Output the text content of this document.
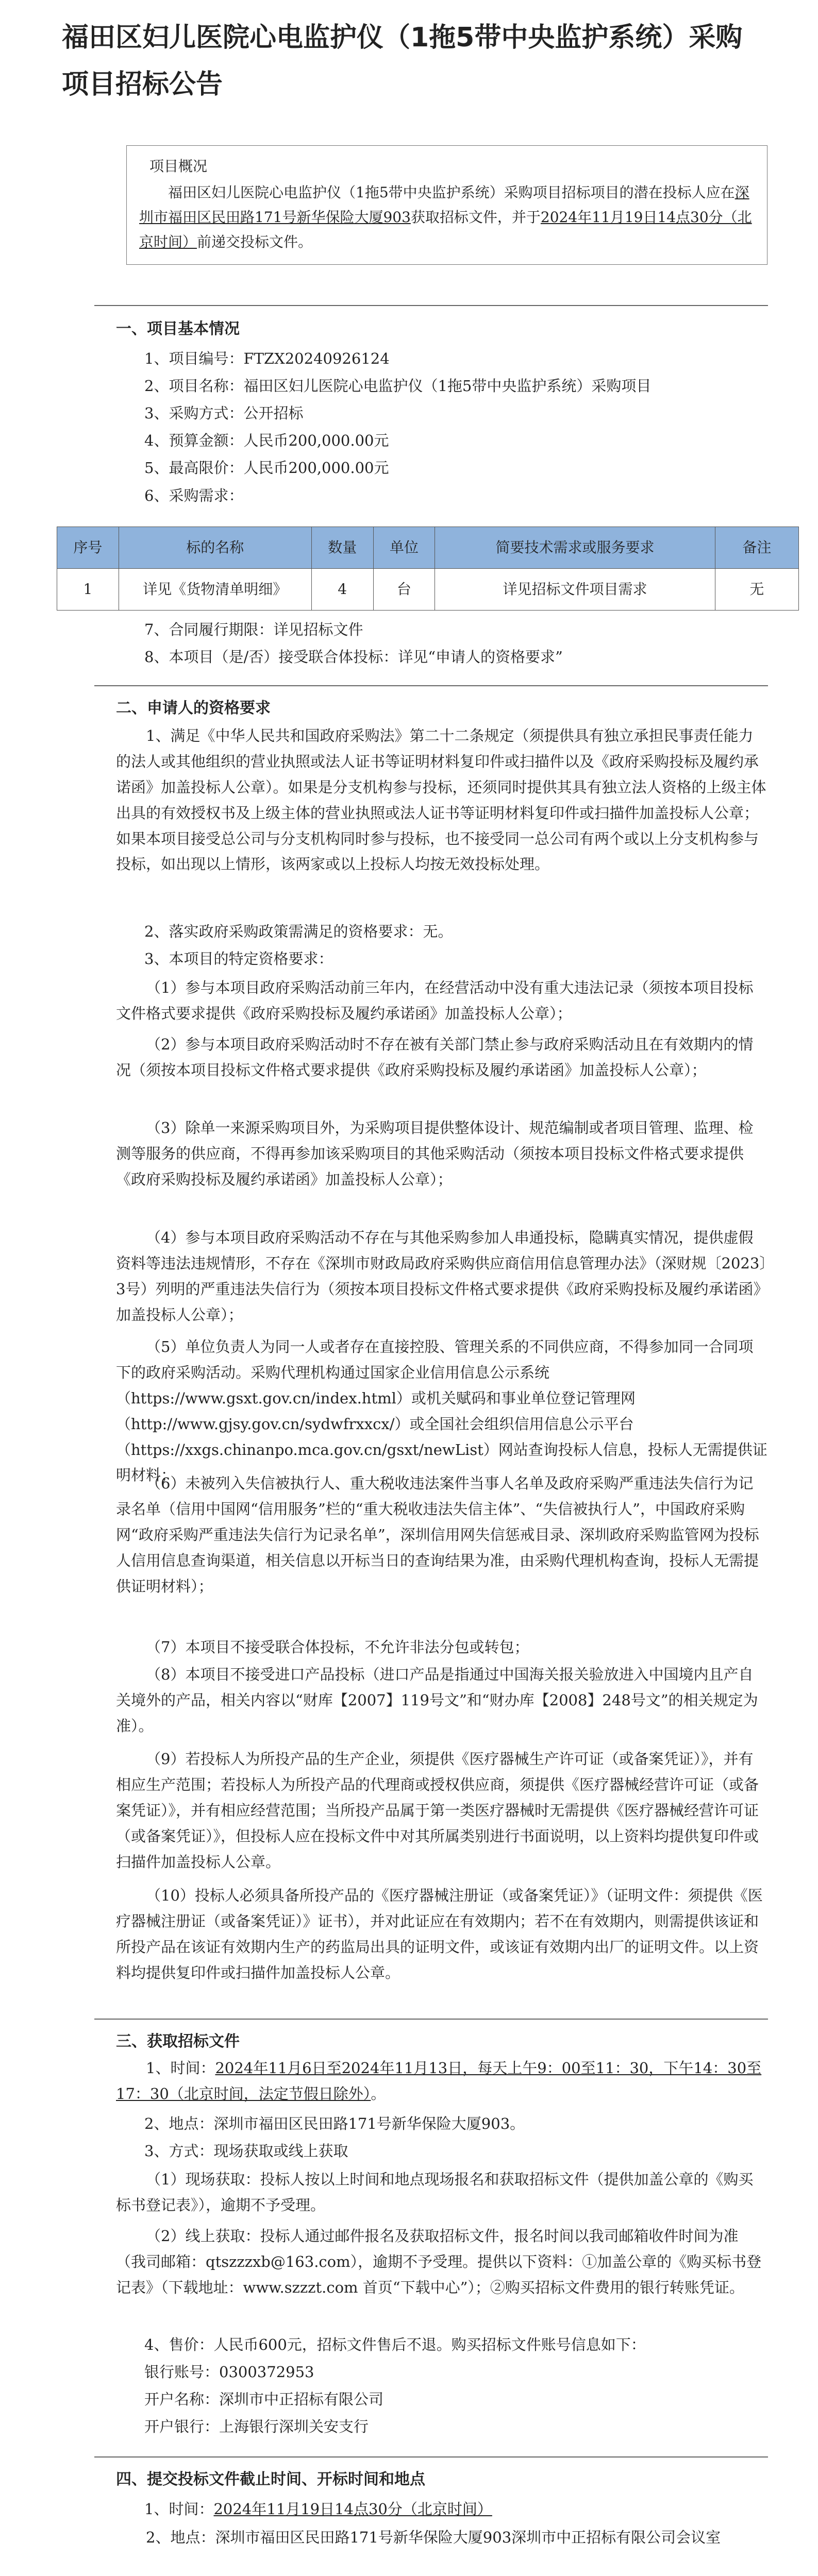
福田区妇儿医院心电监护仪（1拖5带中央监护系统）采购项目招标公告
项目概况
福田区妇儿医院心电监护仪（1拖5带中央监护系统）采购项目招标项目的潜在投标人应在深圳市福田区民田路171号新华保险大厦903获取招标文件，并于2024年11月19日14点30分（北京时间）前递交投标文件。
一、项目基本情况
1、项目编号：FTZX20240926124
2、项目名称：福田区妇儿医院心电监护仪（1拖5带中央监护系统）采购项目
3、采购方式：公开招标
4、预算金额：人民币200,000.00元
5、最高限价：人民币200,000.00元
6、采购需求：
序号	标的名称	数量	单位	简要技术需求或服务要求	备注
1	详见《货物清单明细》	4	台	详见招标文件项目需求	无
7、合同履行期限：详见招标文件
8、本项目（是/否）接受联合体投标：详见“申请人的资格要求”
二、申请人的资格要求
1、满足《中华人民共和国政府采购法》第二十二条规定（须提供具有独立承担民事责任能力的法人或其他组织的营业执照或法人证书等证明材料复印件或扫描件以及《政府采购投标及履约承诺函》加盖投标人公章）。如果是分支机构参与投标，还须同时提供其具有独立法人资格的上级主体出具的有效授权书及上级主体的营业执照或法人证书等证明材料复印件或扫描件加盖投标人公章；如果本项目接受总公司与分支机构同时参与投标，也不接受同一总公司有两个或以上分支机构参与投标，如出现以上情形，该两家或以上投标人均按无效投标处理。
2、落实政府采购政策需满足的资格要求：无。
3、本项目的特定资格要求：
（1）参与本项目政府采购活动前三年内，在经营活动中没有重大违法记录（须按本项目投标文件格式要求提供《政府采购投标及履约承诺函》加盖投标人公章）；
（2）参与本项目政府采购活动时不存在被有关部门禁止参与政府采购活动且在有效期内的情况（须按本项目投标文件格式要求提供《政府采购投标及履约承诺函》加盖投标人公章）；
（3）除单一来源采购项目外，为采购项目提供整体设计、规范编制或者项目管理、监理、检测等服务的供应商，不得再参加该采购项目的其他采购活动（须按本项目投标文件格式要求提供《政府采购投标及履约承诺函》加盖投标人公章）；
（4）参与本项目政府采购活动不存在与其他采购参加人串通投标，隐瞒真实情况，提供虚假资料等违法违规情形，不存在《深圳市财政局政府采购供应商信用信息管理办法》（深财规〔2023〕3号）列明的严重违法失信行为（须按本项目投标文件格式要求提供《政府采购投标及履约承诺函》加盖投标人公章）；
（5）单位负责人为同一人或者存在直接控股、管理关系的不同供应商，不得参加同一合同项下的政府采购活动。采购代理机构通过国家企业信用信息公示系统（https://www.gsxt.gov.cn/index.html）或机关赋码和事业单位登记管理网（http://www.gjsy.gov.cn/sydwfrxxcx/）或全国社会组织信用信息公示平台（https://xxgs.chinanpo.mca.gov.cn/gsxt/newList）网站查询投标人信息，投标人无需提供证明材料；
（6）未被列入失信被执行人、重大税收违法案件当事人名单及政府采购严重违法失信行为记录名单（信用中国网“信用服务”栏的“重大税收违法失信主体”、“失信被执行人”，中国政府采购网“政府采购严重违法失信行为记录名单”，深圳信用网失信惩戒目录、深圳政府采购监管网为投标人信用信息查询渠道，相关信息以开标当日的查询结果为准，由采购代理机构查询，投标人无需提供证明材料）；
（7）本项目不接受联合体投标，不允许非法分包或转包；
（8）本项目不接受进口产品投标（进口产品是指通过中国海关报关验放进入中国境内且产自关境外的产品，相关内容以“财库【2007】119号文”和“财办库【2008】248号文”的相关规定为准）。
（9）若投标人为所投产品的生产企业，须提供《医疗器械生产许可证（或备案凭证）》，并有相应生产范围；若投标人为所投产品的代理商或授权供应商，须提供《医疗器械经营许可证（或备案凭证）》，并有相应经营范围；当所投产品属于第一类医疗器械时无需提供《医疗器械经营许可证（或备案凭证）》，但投标人应在投标文件中对其所属类别进行书面说明，以上资料均提供复印件或扫描件加盖投标人公章。
（10）投标人必须具备所投产品的《医疗器械注册证（或备案凭证）》（证明文件：须提供《医疗器械注册证（或备案凭证）》证书），并对此证应在有效期内；若不在有效期内，则需提供该证和所投产品在该证有效期内生产的药监局出具的证明文件，或该证有效期内出厂的证明文件。以上资料均提供复印件或扫描件加盖投标人公章。
三、获取招标文件
1、时间：2024年11月6日至2024年11月13日，每天上午9：00至11：30，下午14：30至17：30（北京时间，法定节假日除外）。
2、地点：深圳市福田区民田路171号新华保险大厦903。
3、方式：现场获取或线上获取
（1）现场获取：投标人按以上时间和地点现场报名和获取招标文件（提供加盖公章的《购买标书登记表》），逾期不予受理。
（2）线上获取：投标人通过邮件报名及获取招标文件，报名时间以我司邮箱收件时间为准（我司邮箱：qtszzzxb@163.com），逾期不予受理。提供以下资料：①加盖公章的《购买标书登记表》（下载地址：www.szzzt.com 首页“下载中心”）；②购买招标文件费用的银行转账凭证。
4、售价：人民币600元，招标文件售后不退。购买招标文件账号信息如下：
银行账号：0300372953
开户名称：深圳市中正招标有限公司
开户银行：上海银行深圳关安支行
四、提交投标文件截止时间、开标时间和地点
1、时间：2024年11月19日14点30分（北京时间）
2、地点：深圳市福田区民田路171号新华保险大厦903深圳市中正招标有限公司会议室
